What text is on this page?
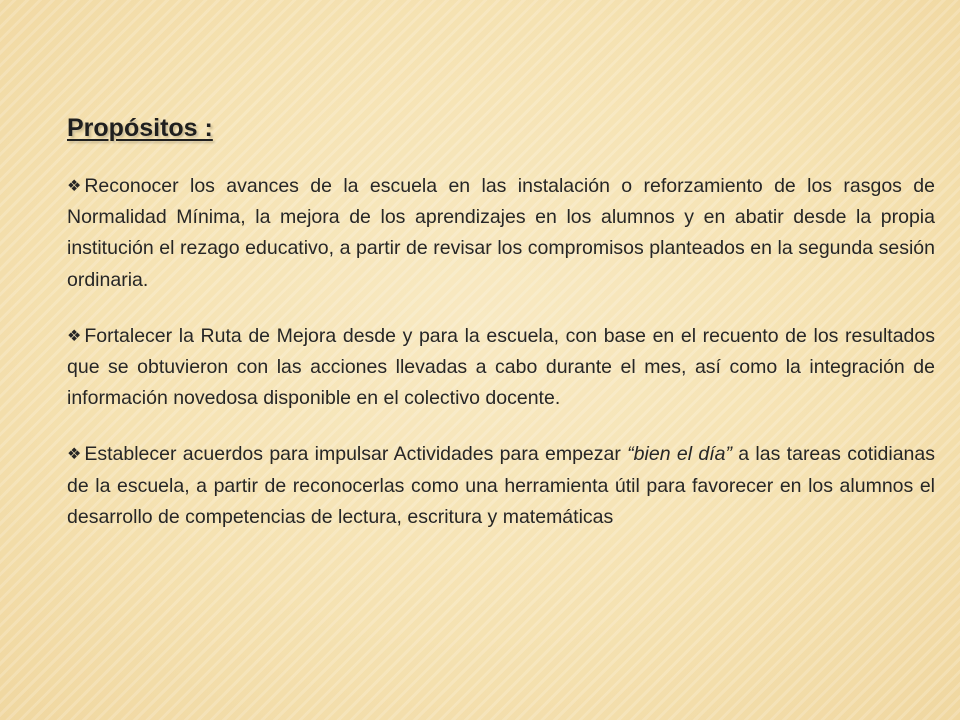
Propósitos :
❖ Reconocer los avances de la escuela en las instalación o reforzamiento de los rasgos de Normalidad Mínima, la mejora de los aprendizajes en los alumnos y en abatir desde la propia institución el rezago educativo, a partir de revisar los compromisos planteados en la segunda sesión ordinaria.
❖ Fortalecer la Ruta de Mejora desde y para la escuela, con base en el recuento de los resultados que se obtuvieron con las acciones llevadas a cabo durante el mes, así como la integración de información novedosa disponible en el colectivo docente.
❖ Establecer acuerdos para impulsar Actividades para empezar “bien el día” a las tareas cotidianas de la escuela, a partir de reconocerlas como una herramienta útil para favorecer en los alumnos el desarrollo de competencias de lectura, escritura y matemáticas
